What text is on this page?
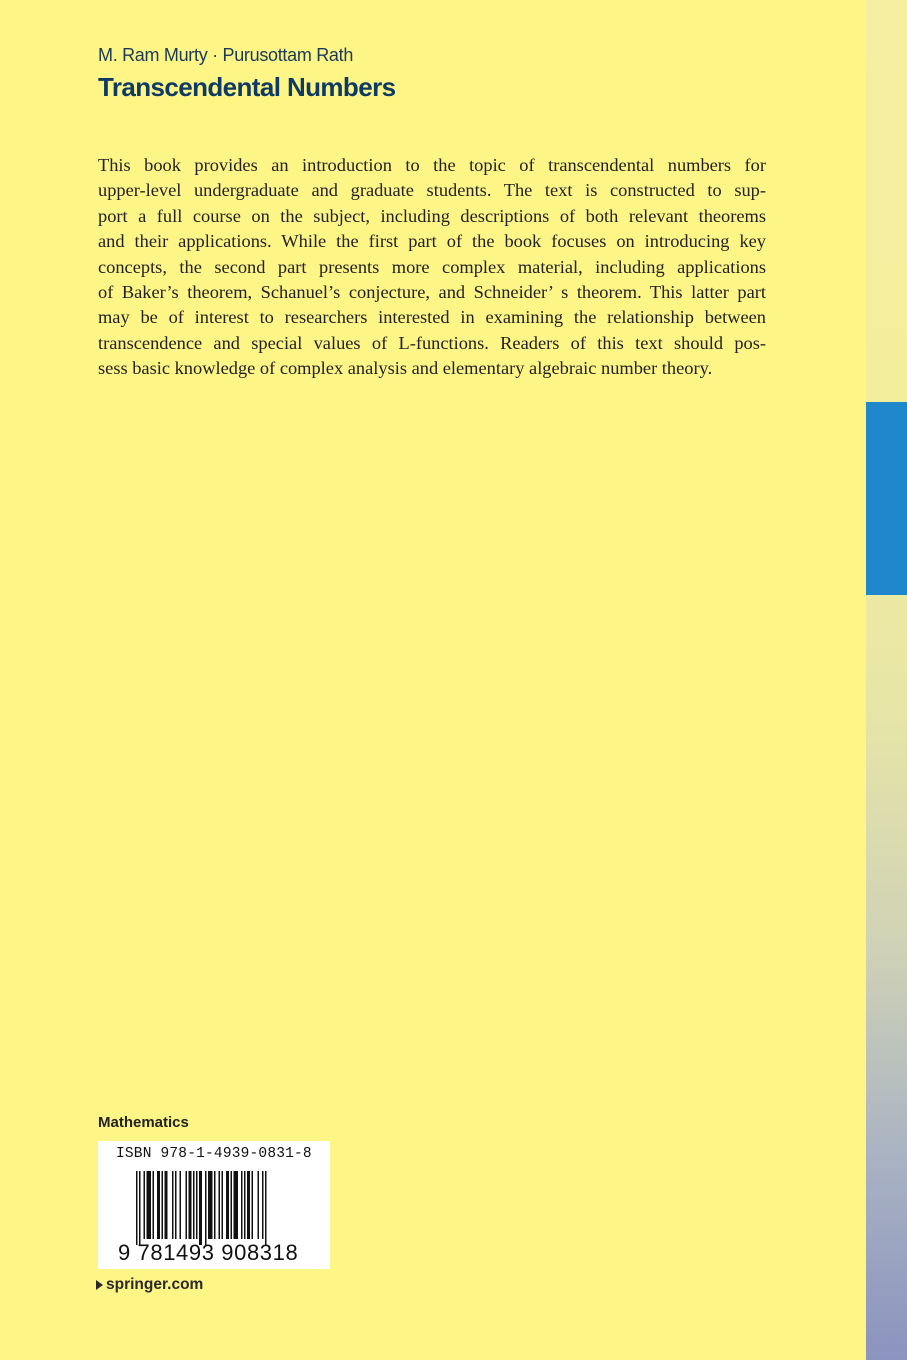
M. Ram Murty · Purusottam Rath
Transcendental Numbers
This book provides an introduction to the topic of transcendental numbers for
upper-level undergraduate and graduate students. The text is constructed to sup-
port a full course on the subject, including descriptions of both relevant theorems
and their applications. While the first part of the book focuses on introducing key
concepts, the second part presents more complex material, including applications
of Baker’s theorem, Schanuel’s conjecture, and Schneider’ s theorem. This latter part
may be of interest to researchers interested in examining the relationship between
transcendence and special values of L-functions. Readers of this text should pos-
sess basic knowledge of complex analysis and elementary algebraic number theory.
Mathematics
ISBN 978-1-4939-0831-8
9 781493 908318
springer.com
